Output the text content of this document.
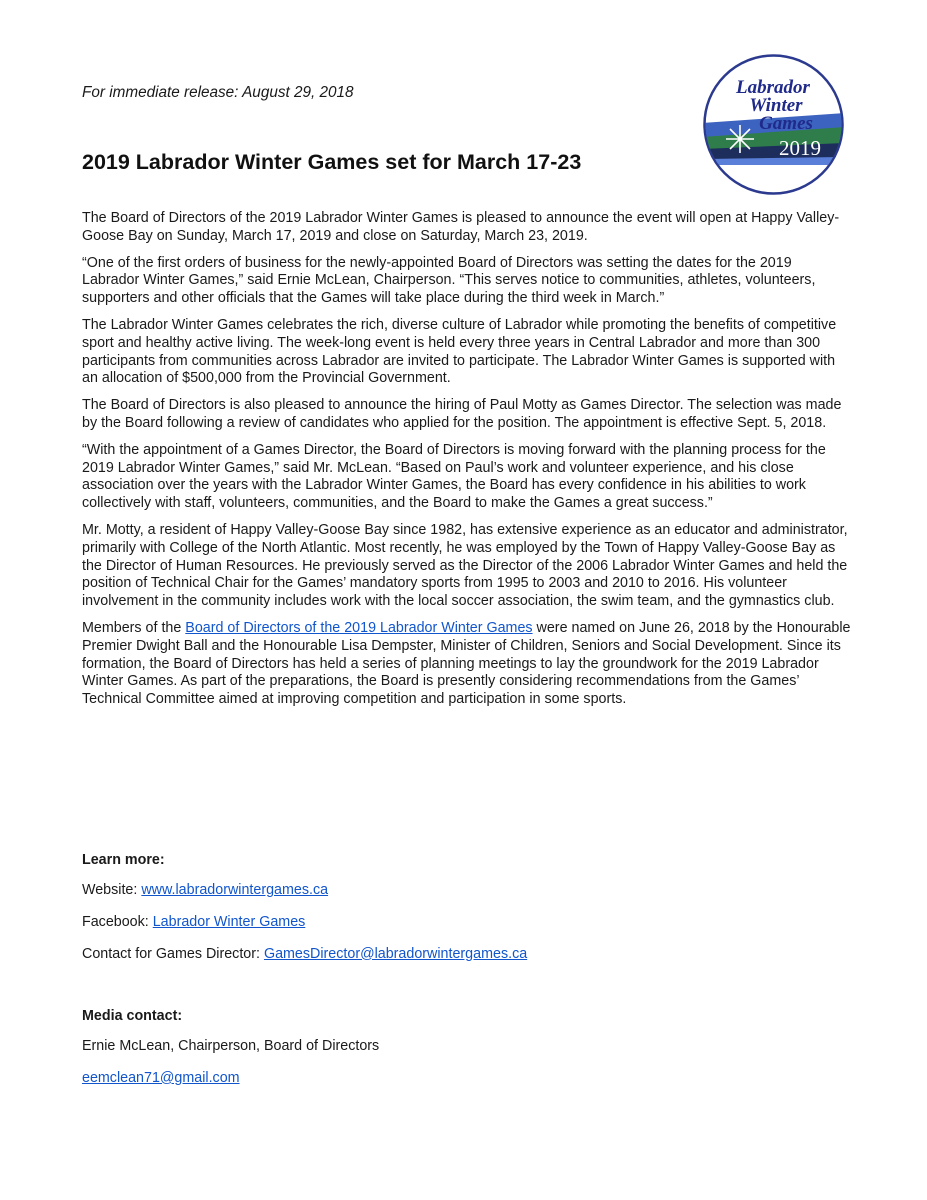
For immediate release: August 29, 2018	Labrador
Winter
Games
2019
2019 Labrador Winter Games set for March 17-23

The Board of Directors of the 2019 Labrador Winter Games is pleased to announce the event will open at Happy Valley-Goose Bay on Sunday, March 17, 2019 and close on Saturday, March 23, 2019.

“One of the first orders of business for the newly-appointed Board of Directors was setting the dates for the 2019 Labrador Winter Games,” said Ernie McLean, Chairperson. “This serves notice to communities, athletes, volunteers, supporters and other officials that the Games will take place during the third week in March.”

The Labrador Winter Games celebrates the rich, diverse culture of Labrador while promoting the benefits of competitive sport and healthy active living. The week-long event is held every three years in Central Labrador and more than 300 participants from communities across Labrador are invited to participate. The Labrador Winter Games is supported with an allocation of $500,000 from the Provincial Government.

The Board of Directors is also pleased to announce the hiring of Paul Motty as Games Director. The selection was made by the Board following a review of candidates who applied for the position. The appointment is effective Sept. 5, 2018.

“With the appointment of a Games Director, the Board of Directors is moving forward with the planning process for the 2019 Labrador Winter Games,” said Mr. McLean. “Based on Paul’s work and volunteer experience, and his close association over the years with the Labrador Winter Games, the Board has every confidence in his abilities to work collectively with staff, volunteers, communities, and the Board to make the Games a great success.”

Mr. Motty, a resident of Happy Valley-Goose Bay since 1982, has extensive experience as an educator and administrator, primarily with College of the North Atlantic. Most recently, he was employed by the Town of Happy Valley-Goose Bay as the Director of Human Resources. He previously served as the Director of the 2006 Labrador Winter Games and held the position of Technical Chair for the Games’ mandatory sports from 1995 to 2003 and 2010 to 2016. His volunteer involvement in the community includes work with the local soccer association, the swim team, and the gymnastics club.

Members of the Board of Directors of the 2019 Labrador Winter Games were named on June 26, 2018 by the Honourable Premier Dwight Ball and the Honourable Lisa Dempster, Minister of Children, Seniors and Social Development. Since its formation, the Board of Directors has held a series of planning meetings to lay the groundwork for the 2019 Labrador Winter Games. As part of the preparations, the Board is presently considering recommendations from the Games’ Technical Committee aimed at improving competition and participation in some sports.

Learn more:

Website: www.labradorwintergames.ca

Facebook: Labrador Winter Games

Contact for Games Director: GamesDirector@labradorwintergames.ca

Media contact:

Ernie McLean, Chairperson, Board of Directors

eemclean71@gmail.com
